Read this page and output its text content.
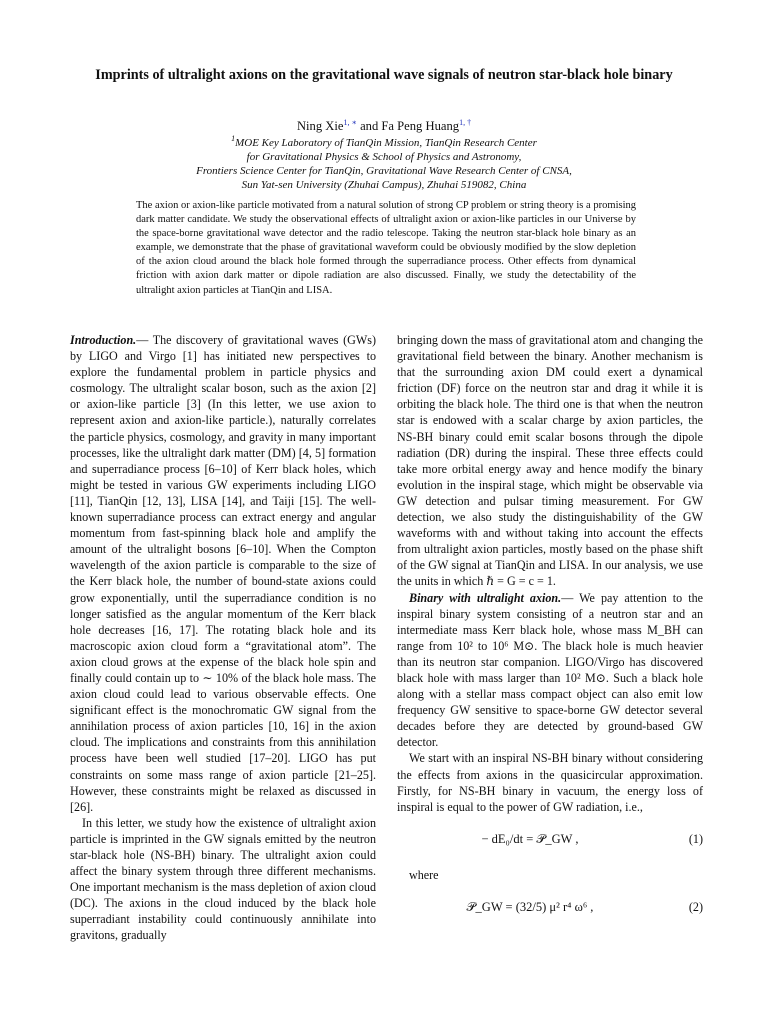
Imprints of ultralight axions on the gravitational wave signals of neutron star-black hole binary
Ning Xie$^{1, ∗}$ and Fa Peng Huang$^{1, \dagger}$
$^1$MOE Key Laboratory of TianQin Mission, TianQin Research Center
for Gravitational Physics & School of Physics and Astronomy,
Frontiers Science Center for TianQin, Gravitational Wave Research Center of CNSA,
Sun Yat-sen University (Zhuhai Campus), Zhuhai 519082, China
The axion or axion-like particle motivated from a natural solution of strong CP problem or string theory is a promising dark matter candidate. We study the observational effects of ultralight axion or axion-like particles in our Universe by the space-borne gravitational wave detector and the radio telescope. Taking the neutron star-black hole binary as an example, we demonstrate that the phase of gravitational waveform could be obviously modified by the slow depletion of the axion cloud around the black hole formed through the superradiance process. Other effects from dynamical friction with axion dark matter or dipole radiation are also discussed. Finally, we study the detectability of the ultralight axion particles at TianQin and LISA.

Introduction.— The discovery of gravitational waves (GWs) by LIGO and Virgo [1] has initiated new perspectives to explore the fundamental problem in particle physics and cosmology. The ultralight scalar boson, such as the axion [2] or axion-like particle [3] (In this letter, we use axion to represent axion and axion-like particle.), naturally correlates the particle physics, cosmology, and gravity in many important processes, like the ultralight dark matter (DM) [4, 5] formation and superradiance process [6–10] of Kerr black holes, which might be tested in various GW experiments including LIGO [11], TianQin [12, 13], LISA [14], and Taiji [15]. The well-known superradiance process can extract energy and angular momentum from fast-spinning black hole and amplify the amount of the ultralight bosons [6–10]. When the Compton wavelength of the axion particle is comparable to the size of the Kerr black hole, the number of bound-state axions could grow exponentially, until the superradiance condition is no longer satisfied as the angular momentum of the Kerr black hole decreases [16, 17]. The rotating black hole and its macroscopic axion cloud form a “gravitational atom”. The axion cloud grows at the expense of the black hole spin and finally could contain up to ∼ 10% of the black hole mass. The axion cloud could lead to various observable effects. One significant effect is the monochromatic GW signal from the annihilation process of axion particles [10, 16] in the axion cloud. The implications and constraints from this annihilation process have been well studied [17–20]. LIGO has put constraints on some mass range of axion particle [21–25]. However, these constraints might be relaxed as discussed in [26].

In this letter, we study how the existence of ultralight axion particle is imprinted in the GW signals emitted by the neutron star-black hole (NS-BH) binary. The ultralight axion could affect the binary system through three different mechanisms. One important mechanism is the mass depletion of axion cloud (DC). The axions in the cloud induced by the black hole superradiant instability could continuously annihilate into gravitons, gradually

bringing down the mass of gravitational atom and changing the gravitational field between the binary. Another mechanism is that the surrounding axion DM could exert a dynamical friction (DF) force on the neutron star and drag it while it is orbiting the black hole. The third one is that when the neutron star is endowed with a scalar charge by axion particles, the NS-BH binary could emit scalar bosons through the dipole radiation (DR) during the inspiral. These three effects could take more orbital energy away and hence modify the binary evolution in the inspiral stage, which might be observable via GW detection and pulsar timing measurement. For GW detection, we also study the distinguishability of the GW waveforms with and without taking into account the effects from ultralight axion particles, mostly based on the phase shift of the GW signal at TianQin and LISA. In our analysis, we use the units in which ℏ = G = c = 1.

Binary with ultralight axion.— We pay attention to the inspiral binary system consisting of a neutron star and an intermediate mass Kerr black hole, whose mass M_BH can range from 10² to 10⁶ M⊙. The black hole is much heavier than its neutron star companion. LIGO/Virgo has discovered black hole with mass larger than 10² M⊙. Such a black hole along with a stellar mass compact object can also emit low frequency GW sensitive to space-borne GW detector several decades before they are detected by ground-based GW detector.

We start with an inspiral NS-BH binary without considering the effects from axions in the quasicircular approximation. Firstly, for NS-BH binary in vacuum, the energy loss of inspiral is equal to the power of GW radiation, i.e.,

− dE₀/dt = 𝒫_GW ,	(1)

where

𝒫_GW = (32/5) μ² r⁴ ω⁶ ,	(2)
